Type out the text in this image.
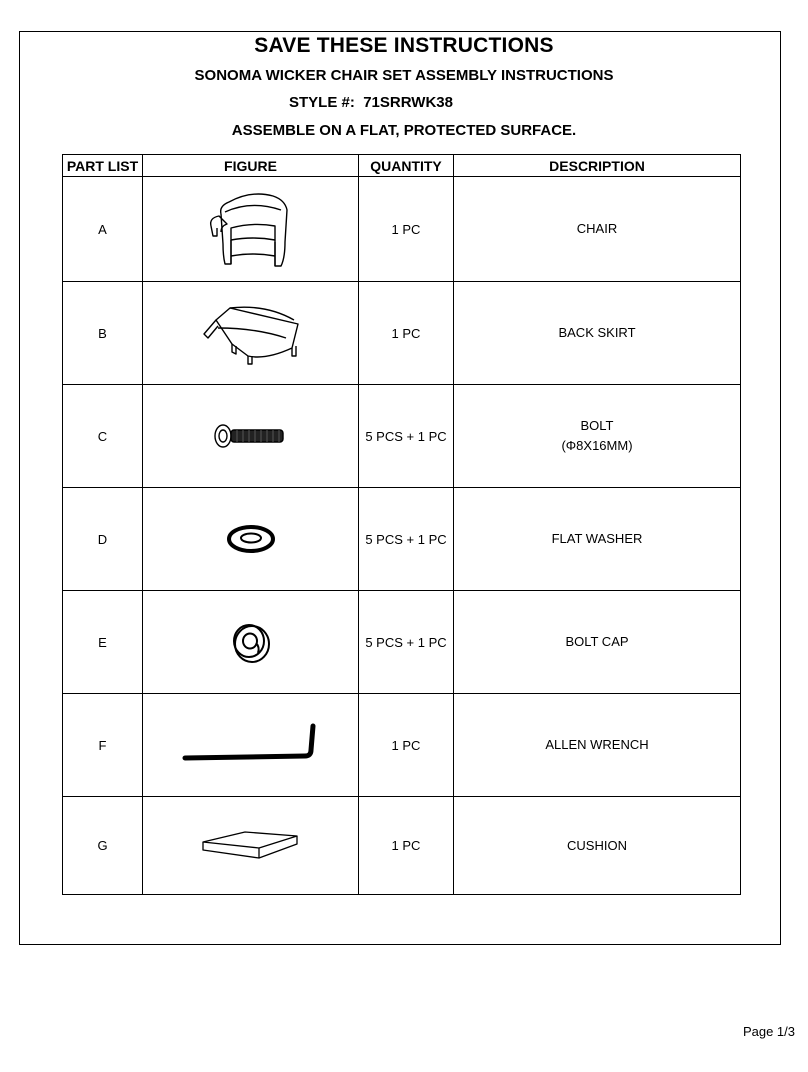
SAVE THESE INSTRUCTIONS
SONOMA WICKER CHAIR SET ASSEMBLY INSTRUCTIONS
STYLE #: 71SRRWK38
ASSEMBLE ON A FLAT, PROTECTED SURFACE.
PART LIST	FIGURE	QUANTITY	DESCRIPTION
A		1 PC	CHAIR
B		1 PC	BACK SKIRT
C		5 PCS + 1 PC	BOLT
(Φ8X16MM)

D		5 PCS + 1 PC	FLAT WASHER
E		5 PCS + 1 PC	BOLT CAP
F		1 PC	ALLEN WRENCH
G		1 PC	CUSHION
Page 1/3
